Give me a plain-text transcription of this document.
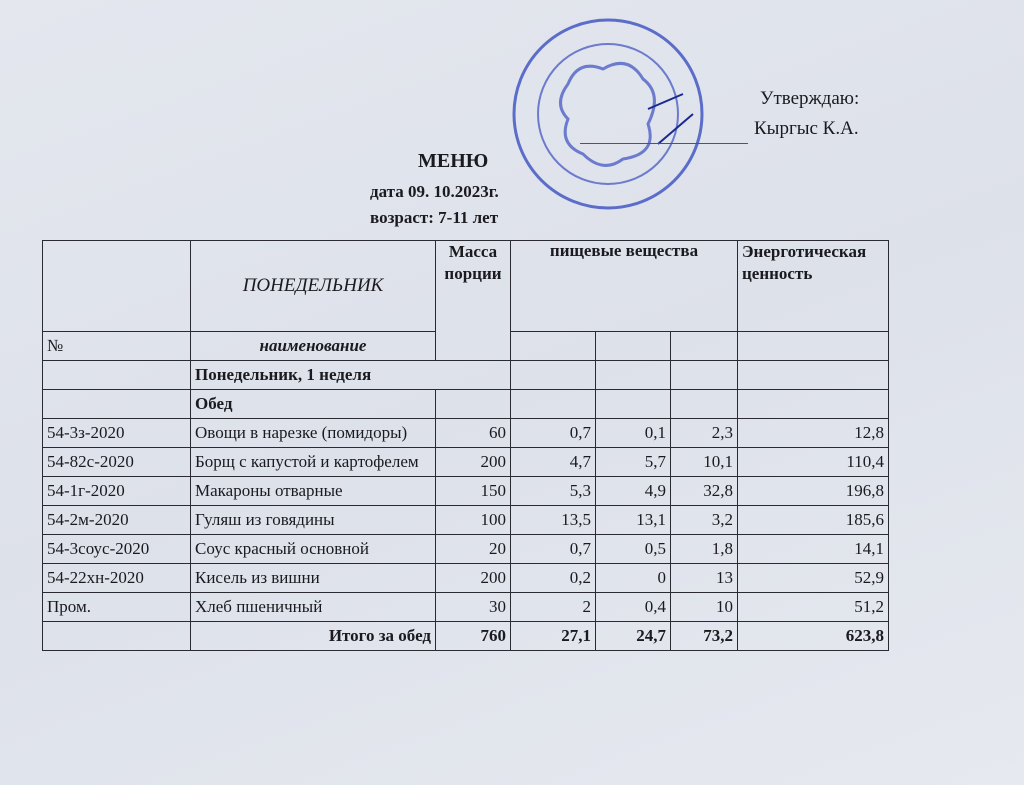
Утверждаю:
Кыргыс К.А.
МЕНЮ
дата 09. 10.2023г.
возраст: 7-11 лет
	ПОНЕДЕЛЬНИК	Масса порции	пищевые вещества			Энерготическая ценность
№	наименование					
	Понедельник, 1 неделя					
	Обед					
54-3з-2020	Овощи в нарезке (помидоры)	60	0,7	0,1	2,3	12,8
54-82с-2020	Борщ с капустой и картофелем	200	4,7	5,7	10,1	110,4
54-1г-2020	Макароны отварные	150	5,3	4,9	32,8	196,8
54-2м-2020	Гуляш из говядины	100	13,5	13,1	3,2	185,6
54-3соус-2020	Соус красный основной	20	0,7	0,5	1,8	14,1
54-22хн-2020	Кисель из вишни	200	0,2	0	13	52,9
Пром.	Хлеб пшеничный	30	2	0,4	10	51,2
	Итого за обед	760	27,1	24,7	73,2	623,8
